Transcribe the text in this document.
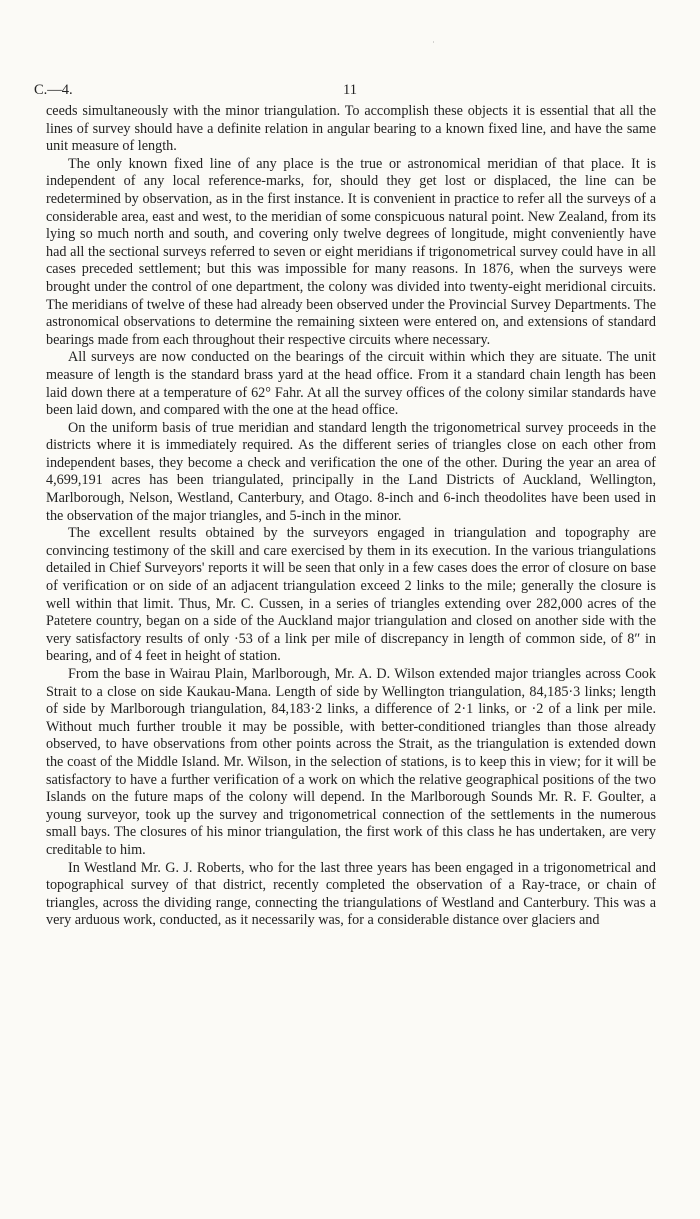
ʿ
C.—4.	11

ceeds simultaneously with the minor triangulation. To accomplish these objects it is essential that all the lines of survey should have a definite relation in angular bearing to a known fixed line, and have the same unit measure of length.

The only known fixed line of any place is the true or astronomical meridian of that place. It is independent of any local reference-marks, for, should they get lost or displaced, the line can be redetermined by observation, as in the first instance. It is convenient in practice to refer all the surveys of a considerable area, east and west, to the meridian of some conspicuous natural point. New Zealand, from its lying so much north and south, and covering only twelve degrees of longitude, might conveniently have had all the sectional surveys referred to seven or eight meridians if trigonometrical survey could have in all cases preceded settlement; but this was impossible for many reasons. In 1876, when the surveys were brought under the control of one department, the colony was divided into twenty-eight meridional circuits. The meridians of twelve of these had already been observed under the Provincial Survey Departments. The astronomical observations to determine the remaining sixteen were entered on, and extensions of standard bearings made from each throughout their respective circuits where necessary.

All surveys are now conducted on the bearings of the circuit within which they are situate. The unit measure of length is the standard brass yard at the head office. From it a standard chain length has been laid down there at a temperature of 62° Fahr. At all the survey offices of the colony similar standards have been laid down, and compared with the one at the head office.

On the uniform basis of true meridian and standard length the trigonometrical survey proceeds in the districts where it is immediately required. As the different series of triangles close on each other from independent bases, they become a check and verification the one of the other. During the year an area of 4,699,191 acres has been triangulated, principally in the Land Districts of Auckland, Wellington, Marlborough, Nelson, Westland, Canterbury, and Otago. 8-inch and 6-inch theodolites have been used in the observation of the major triangles, and 5-inch in the minor.

The excellent results obtained by the surveyors engaged in triangulation and topography are convincing testimony of the skill and care exercised by them in its execution. In the various triangulations detailed in Chief Surveyors' reports it will be seen that only in a few cases does the error of closure on base of verification or on side of an adjacent triangulation exceed 2 links to the mile; generally the closure is well within that limit. Thus, Mr. C. Cussen, in a series of triangles extending over 282,000 acres of the Patetere country, began on a side of the Auckland major triangulation and closed on another side with the very satisfactory results of only ·53 of a link per mile of discrepancy in length of common side, of 8″ in bearing, and of 4 feet in height of station.

From the base in Wairau Plain, Marlborough, Mr. A. D. Wilson extended major triangles across Cook Strait to a close on side Kaukau-Mana. Length of side by Wellington triangulation, 84,185·3 links; length of side by Marlborough triangulation, 84,183·2 links, a difference of 2·1 links, or ·2 of a link per mile. Without much further trouble it may be possible, with better-conditioned triangles than those already observed, to have observations from other points across the Strait, as the triangulation is extended down the coast of the Middle Island. Mr. Wilson, in the selection of stations, is to keep this in view; for it will be satisfactory to have a further verification of a work on which the relative geographical positions of the two Islands on the future maps of the colony will depend. In the Marlborough Sounds Mr. R. F. Goulter, a young surveyor, took up the survey and trigonometrical connection of the settlements in the numerous small bays. The closures of his minor triangulation, the first work of this class he has undertaken, are very creditable to him.

In Westland Mr. G. J. Roberts, who for the last three years has been engaged in a trigonometrical and topographical survey of that district, recently completed the observation of a Ray-trace, or chain of triangles, across the dividing range, connecting the triangulations of Westland and Canterbury. This was a very arduous work, conducted, as it necessarily was, for a considerable distance over glaciers and
